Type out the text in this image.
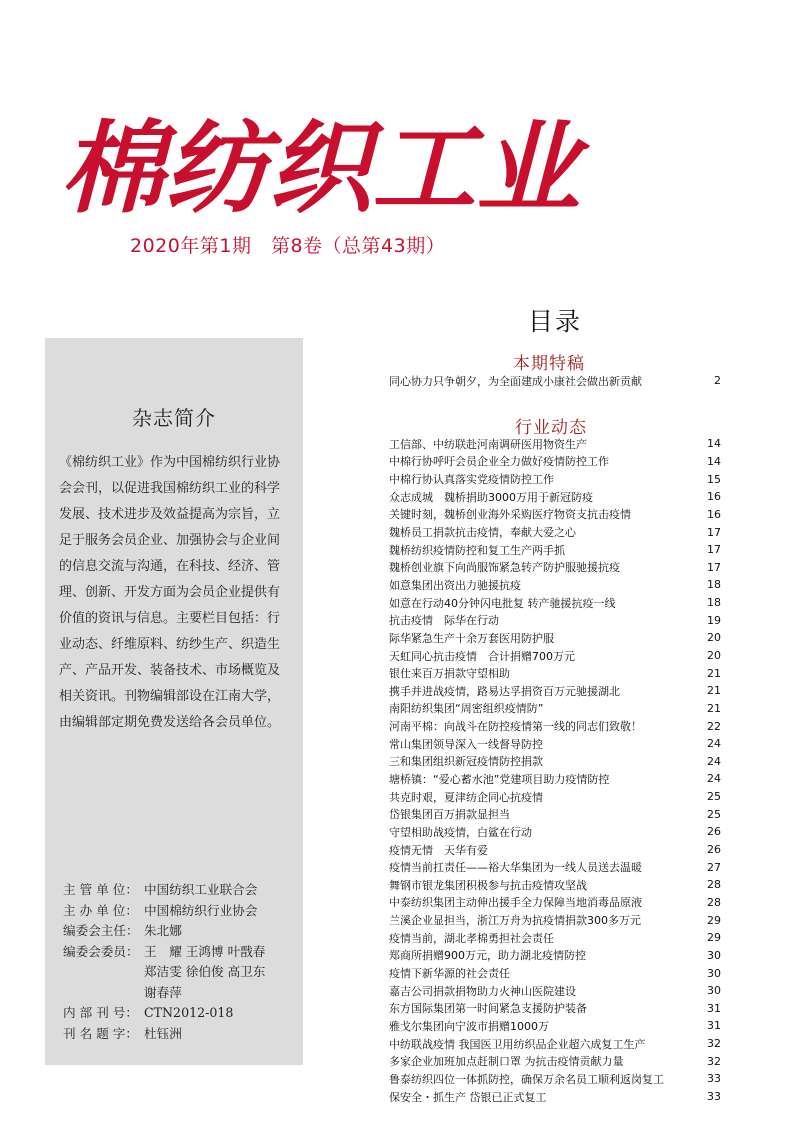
棉纺织工业
2020年第1期　第8卷（总第43期）
目录
本期特稿
同心协力只争朝夕，为全面建成小康社会做出新贡献	2
行业动态
工信部、中纺联赴河南调研医用物资生产	14
中棉行协呼吁会员企业全力做好疫情防控工作	14
中棉行协认真落实党疫情防控工作	15
众志成城　魏桥捐助3000万用于新冠防疫	16
关键时刻，魏桥创业海外采购医疗物资支抗击疫情	16
魏桥员工捐款抗击疫情，奉献大爱之心	17
魏桥纺织疫情防控和复工生产两手抓	17
魏桥创业旗下向尚服饰紧急转产防护服驰援抗疫	17
如意集团出资出力驰援抗疫	18
如意在行动40分钟闪电批复 转产驰援抗疫一线	18
抗击疫情　际华在行动	19
际华紧急生产十余万套医用防护服	20
天虹同心抗击疫情　合计捐赠700万元	20
银仕来百万捐款守望相助	21
携手并进战疫情，路易达孚捐资百万元驰援湖北	21
南阳纺织集团“周密组织疫情防”	21
河南平棉：向战斗在防控疫情第一线的同志们致敬！	22
常山集团领导深入一线督导防控	24
三和集团组织新冠疫情防控捐款	24
塘桥镇：“爱心蓄水池”党建项目助力疫情防控	24
共克时艰，夏津纺企同心抗疫情	25
岱银集团百万捐款显担当	25
守望相助战疫情，白鲨在行动	26
疫情无情　天华有爱	26
疫情当前扛责任——裕大华集团为一线人员送去温暖	27
舞钢市银龙集团积极参与抗击疫情攻坚战	28
中泰纺织集团主动伸出援手全力保障当地消毒品原液	28
兰溪企业显担当，浙江万舟为抗疫情捐款300多万元	29
疫情当前，湖北孝棉勇担社会责任	29
郑商所捐赠900万元，助力湖北疫情防控	30
疫情下新华源的社会责任	30
嘉吉公司捐款捐物助力火神山医院建设	30
东方国际集团第一时间紧急支援防护装备	31
雅戈尔集团向宁波市捐赠1000万	31
中纺联战疫情 我国医卫用纺织品企业超六成复工生产	32
多家企业加班加点赶制口罩 为抗击疫情贡献力量	32
鲁泰纺织四位一体抓防控，确保万余名员工顺利返岗复工	33
保安全・抓生产 岱银已正式复工	33
杂志简介

《棉纺织工业》作为中国棉纺织行业协会会刊，以促进我国棉纺织工业的科学发展、技术进步及效益提高为宗旨，立足于服务会员企业、加强协会与企业间的信息交流与沟通，在科技、经济、管理、创新、开发方面为会员企业提供有价值的资讯与信息。主要栏目包括：行业动态、纤维原料、纺纱生产、织造生产、产品开发、装备技术、市场概览及相关资讯。刊物编辑部设在江南大学，由编辑部定期免费发送给各会员单位。

主 管 单 位： 中国纺织工业联合会
主 办 单 位： 中国棉纺织行业协会
编委会主任： 朱北娜
编委会委员： 王　耀 王鸿博 叶戬春
郑洁雯 徐伯俊 高卫东
谢春萍
内 部 刊 号： CTN2012-018
刊 名 题 字： 杜钰洲
